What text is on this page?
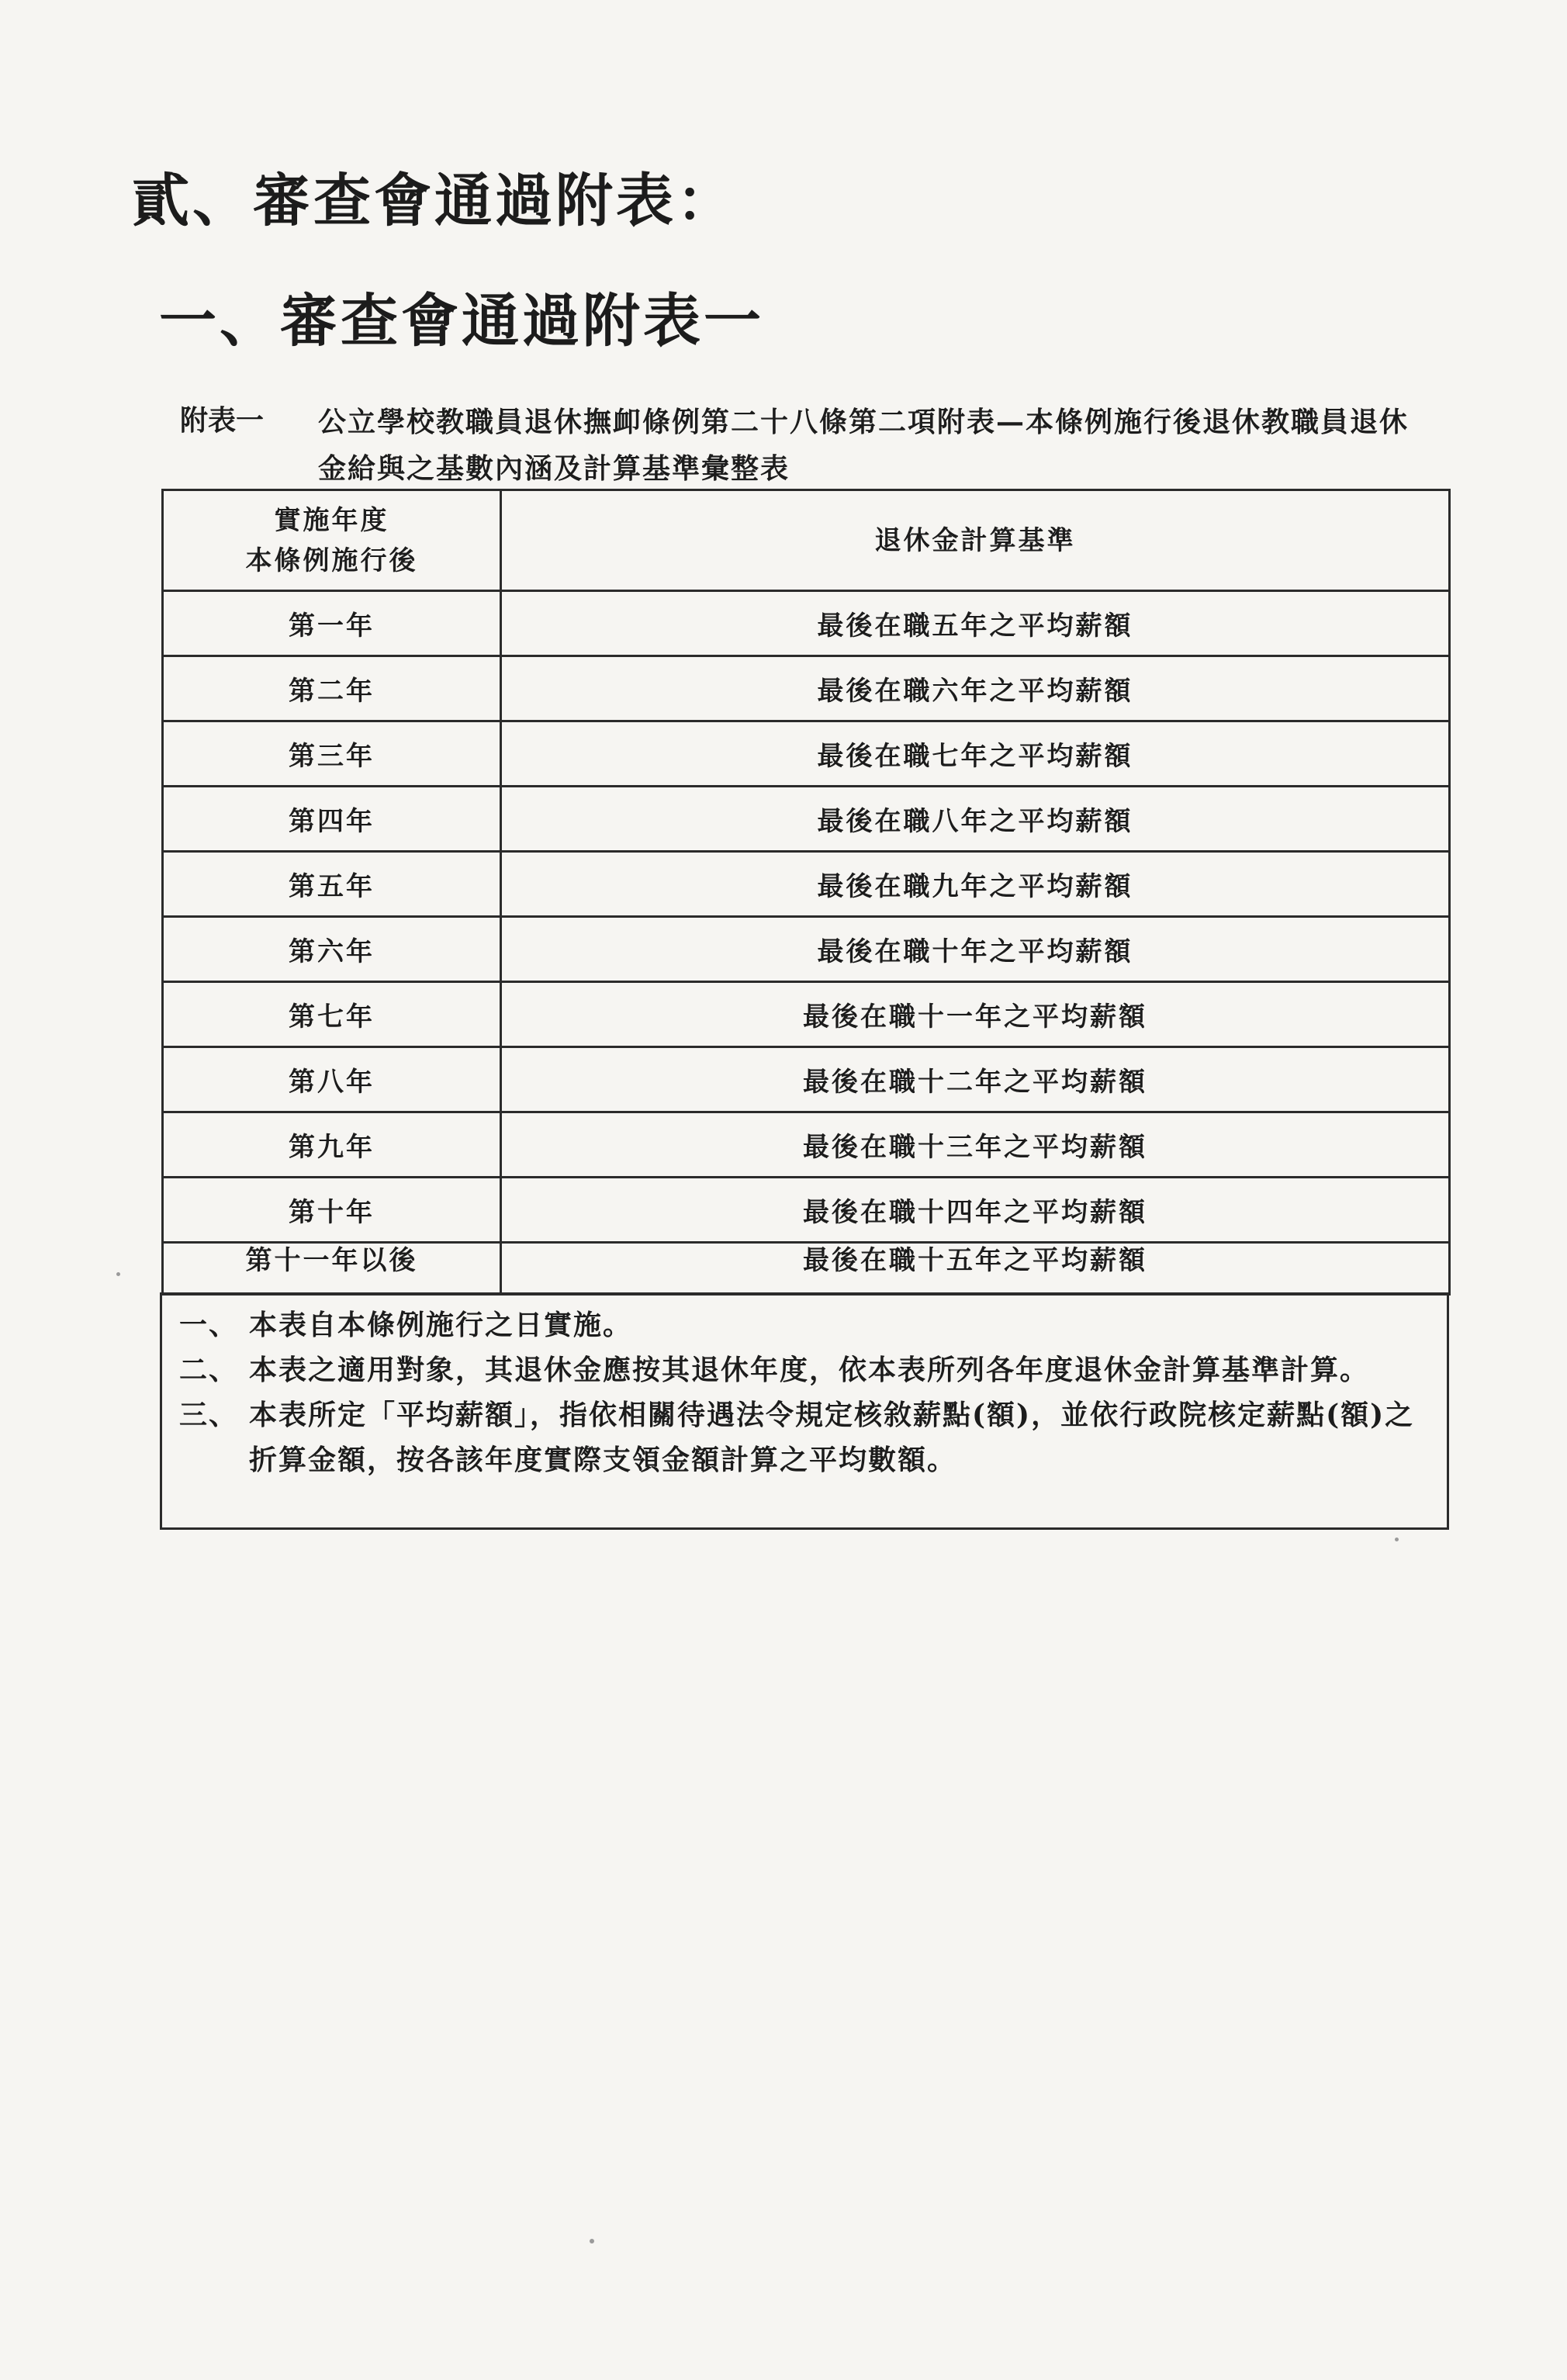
貳、審查會通過附表：
一、審查會通過附表一
附表一 公立學校教職員退休撫卹條例第二十八條第二項附表—本條例施行後退休教職員退休金給與之基數內涵及計算基準彙整表
實施年度
本條例施行後	退休金計算基準
第一年	最後在職五年之平均薪額
第二年	最後在職六年之平均薪額
第三年	最後在職七年之平均薪額
第四年	最後在職八年之平均薪額
第五年	最後在職九年之平均薪額
第六年	最後在職十年之平均薪額
第七年	最後在職十一年之平均薪額
第八年	最後在職十二年之平均薪額
第九年	最後在職十三年之平均薪額
第十年	最後在職十四年之平均薪額
第十一年以後	最後在職十五年之平均薪額
一、 本表自本條例施行之日實施。
二、 本表之適用對象，其退休金應按其退休年度，依本表所列各年度退休金計算基準計算。
三、 本表所定「平均薪額」，指依相關待遇法令規定核敘薪點(額)，並依行政院核定薪點(額)之折算金額，按各該年度實際支領金額計算之平均數額。
